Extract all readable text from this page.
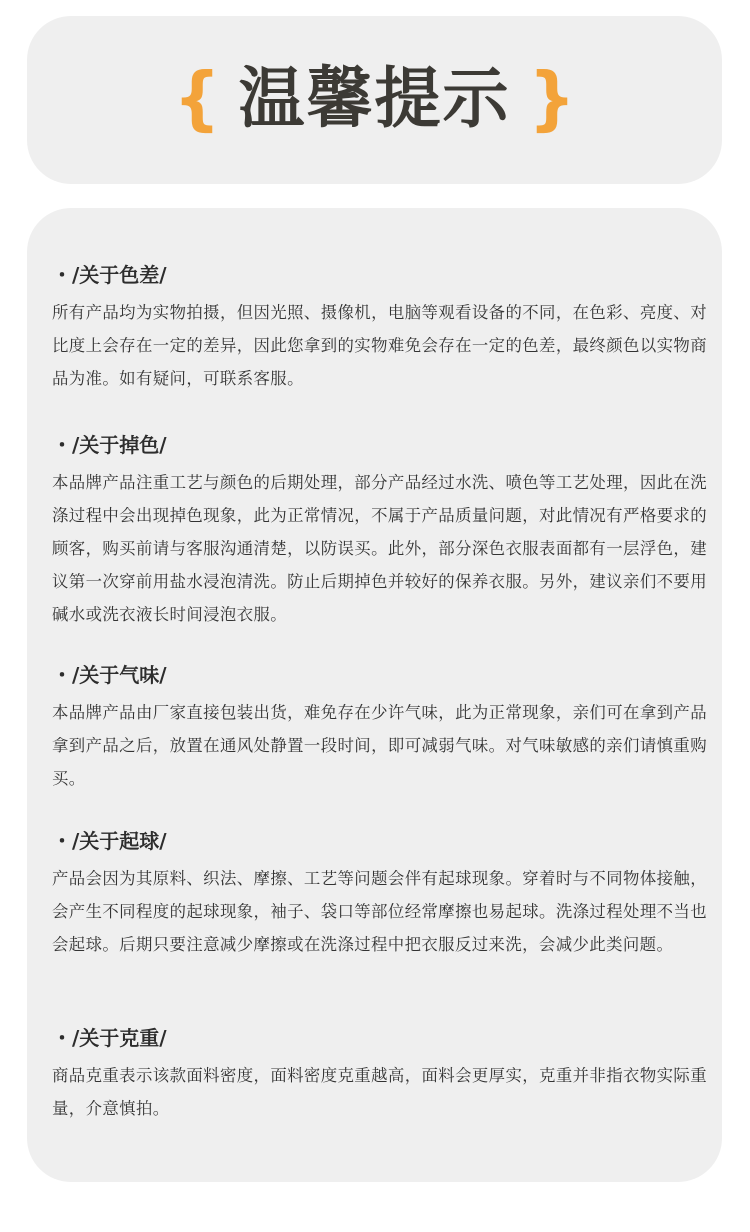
{ 温馨提示 }
・/关于色差/
所有产品均为实物拍摄，但因光照、摄像机，电脑等观看设备的不同，在色彩、亮度、对比度上会存在一定的差异，因此您拿到的实物难免会存在一定的色差，最终颜色以实物商品为准。如有疑问，可联系客服。
・/关于掉色/
本品牌产品注重工艺与颜色的后期处理，部分产品经过水洗、喷色等工艺处理，因此在洗涤过程中会出现掉色现象，此为正常情况，不属于产品质量问题，对此情况有严格要求的顾客，购买前请与客服沟通清楚，以防误买。此外，部分深色衣服表面都有一层浮色，建议第一次穿前用盐水浸泡清洗。防止后期掉色并较好的保养衣服。另外，建议亲们不要用碱水或洗衣液长时间浸泡衣服。
・/关于气味/
本品牌产品由厂家直接包装出货，难免存在少许气味，此为正常现象，亲们可在拿到产品拿到产品之后，放置在通风处静置一段时间，即可减弱气味。对气味敏感的亲们请慎重购买。
・/关于起球/
产品会因为其原料、织法、摩擦、工艺等问题会伴有起球现象。穿着时与不同物体接触，会产生不同程度的起球现象，袖子、袋口等部位经常摩擦也易起球。洗涤过程处理不当也会起球。后期只要注意减少摩擦或在洗涤过程中把衣服反过来洗，会减少此类问题。
・/关于克重/
商品克重表示该款面料密度，面料密度克重越高，面料会更厚实，克重并非指衣物实际重量，介意慎拍。
